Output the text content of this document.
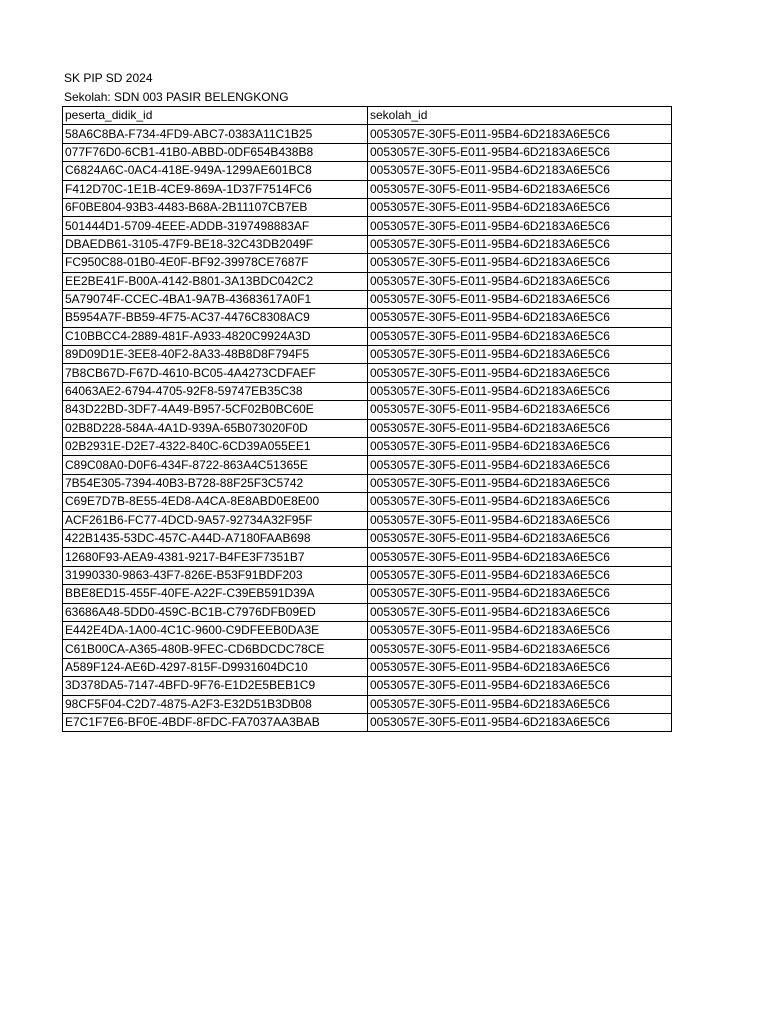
SK PIP SD 2024
Sekolah: SDN 003 PASIR BELENGKONG
peserta_didik_id	sekolah_id
58A6C8BA-F734-4FD9-ABC7-0383A11C1B25	0053057E-30F5-E011-95B4-6D2183A6E5C6
077F76D0-6CB1-41B0-ABBD-0DF654B438B8	0053057E-30F5-E011-95B4-6D2183A6E5C6
C6824A6C-0AC4-418E-949A-1299AE601BC8	0053057E-30F5-E011-95B4-6D2183A6E5C6
F412D70C-1E1B-4CE9-869A-1D37F7514FC6	0053057E-30F5-E011-95B4-6D2183A6E5C6
6F0BE804-93B3-4483-B68A-2B11107CB7EB	0053057E-30F5-E011-95B4-6D2183A6E5C6
501444D1-5709-4EEE-ADDB-3197498883AF	0053057E-30F5-E011-95B4-6D2183A6E5C6
DBAEDB61-3105-47F9-BE18-32C43DB2049F	0053057E-30F5-E011-95B4-6D2183A6E5C6
FC950C88-01B0-4E0F-BF92-39978CE7687F	0053057E-30F5-E011-95B4-6D2183A6E5C6
EE2BE41F-B00A-4142-B801-3A13BDC042C2	0053057E-30F5-E011-95B4-6D2183A6E5C6
5A79074F-CCEC-4BA1-9A7B-43683617A0F1	0053057E-30F5-E011-95B4-6D2183A6E5C6
B5954A7F-BB59-4F75-AC37-4476C8308AC9	0053057E-30F5-E011-95B4-6D2183A6E5C6
C10BBCC4-2889-481F-A933-4820C9924A3D	0053057E-30F5-E011-95B4-6D2183A6E5C6
89D09D1E-3EE8-40F2-8A33-48B8D8F794F5	0053057E-30F5-E011-95B4-6D2183A6E5C6
7B8CB67D-F67D-4610-BC05-4A4273CDFAEF	0053057E-30F5-E011-95B4-6D2183A6E5C6
64063AE2-6794-4705-92F8-59747EB35C38	0053057E-30F5-E011-95B4-6D2183A6E5C6
843D22BD-3DF7-4A49-B957-5CF02B0BC60E	0053057E-30F5-E011-95B4-6D2183A6E5C6
02B8D228-584A-4A1D-939A-65B073020F0D	0053057E-30F5-E011-95B4-6D2183A6E5C6
02B2931E-D2E7-4322-840C-6CD39A055EE1	0053057E-30F5-E011-95B4-6D2183A6E5C6
C89C08A0-D0F6-434F-8722-863A4C51365E	0053057E-30F5-E011-95B4-6D2183A6E5C6
7B54E305-7394-40B3-B728-88F25F3C5742	0053057E-30F5-E011-95B4-6D2183A6E5C6
C69E7D7B-8E55-4ED8-A4CA-8E8ABD0E8E00	0053057E-30F5-E011-95B4-6D2183A6E5C6
ACF261B6-FC77-4DCD-9A57-92734A32F95F	0053057E-30F5-E011-95B4-6D2183A6E5C6
422B1435-53DC-457C-A44D-A7180FAAB698	0053057E-30F5-E011-95B4-6D2183A6E5C6
12680F93-AEA9-4381-9217-B4FE3F7351B7	0053057E-30F5-E011-95B4-6D2183A6E5C6
31990330-9863-43F7-826E-B53F91BDF203	0053057E-30F5-E011-95B4-6D2183A6E5C6
BBE8ED15-455F-40FE-A22F-C39EB591D39A	0053057E-30F5-E011-95B4-6D2183A6E5C6
63686A48-5DD0-459C-BC1B-C7976DFB09ED	0053057E-30F5-E011-95B4-6D2183A6E5C6
E442E4DA-1A00-4C1C-9600-C9DFEEB0DA3E	0053057E-30F5-E011-95B4-6D2183A6E5C6
C61B00CA-A365-480B-9FEC-CD6BDCDC78CE	0053057E-30F5-E011-95B4-6D2183A6E5C6
A589F124-AE6D-4297-815F-D9931604DC10	0053057E-30F5-E011-95B4-6D2183A6E5C6
3D378DA5-7147-4BFD-9F76-E1D2E5BEB1C9	0053057E-30F5-E011-95B4-6D2183A6E5C6
98CF5F04-C2D7-4875-A2F3-E32D51B3DB08	0053057E-30F5-E011-95B4-6D2183A6E5C6
E7C1F7E6-BF0E-4BDF-8FDC-FA7037AA3BAB	0053057E-30F5-E011-95B4-6D2183A6E5C6
